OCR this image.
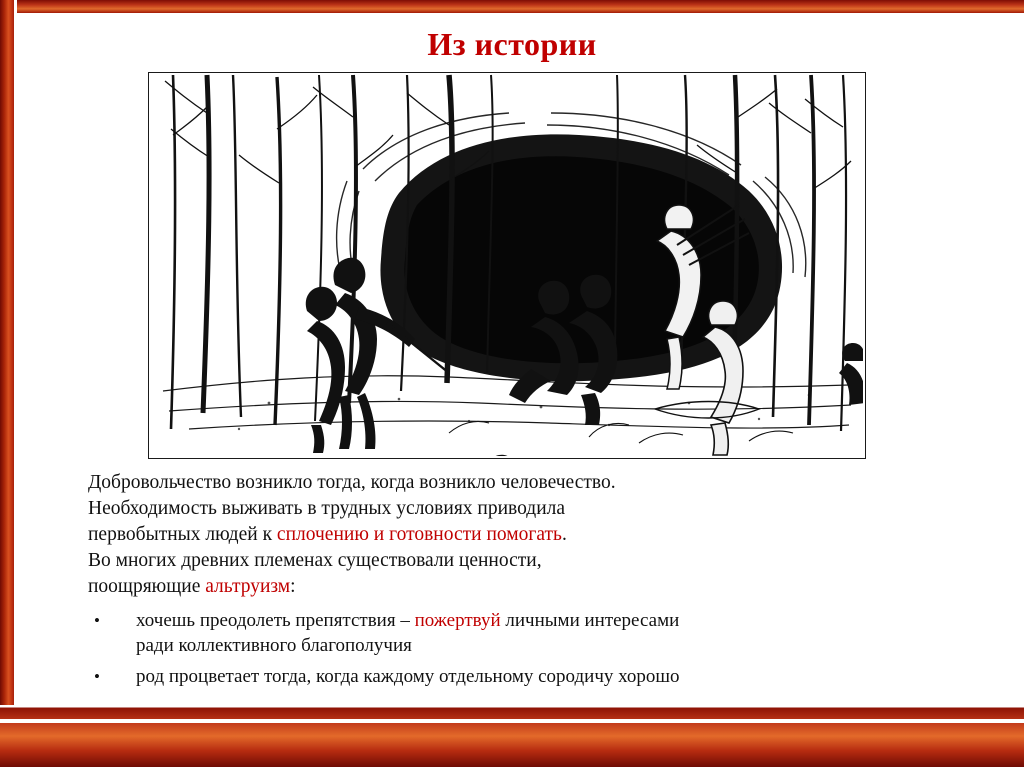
Из истории

Добровольчество возникло тогда, когда возникло человечество.

Необходимость выживать в трудных условиях приводила

первобытных людей к сплочению и готовности помогать.

Во многих древних племенах существовали ценности,

поощряющие альтруизм:

•	хочешь преодолеть препятствия – пожертвуй личными интересами
ради коллективного благополучия
•	род процветает тогда, когда каждому отдельному сородичу хорошо
